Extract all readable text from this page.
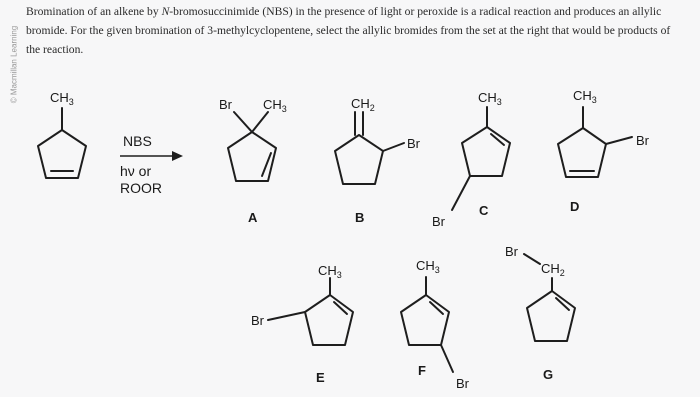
© Macmillan Learning
Bromination of an alkene by N-bromosuccinimide (NBS) in the presence of light or peroxide is a radical reaction and produces an allylic bromide. For the given bromination of 3-methylcyclopentene, select the allylic bromides from the set at the right that would be products of the reaction.
$CH_3$
NBS
hν or
ROOR
Br $CH_3$
A
$CH_2$
Br
B
$CH_3$
Br
C
$CH_3$
Br
D
$CH_3$
Br
E
$CH_3$
Br
F
Br
$CH_2$
G
